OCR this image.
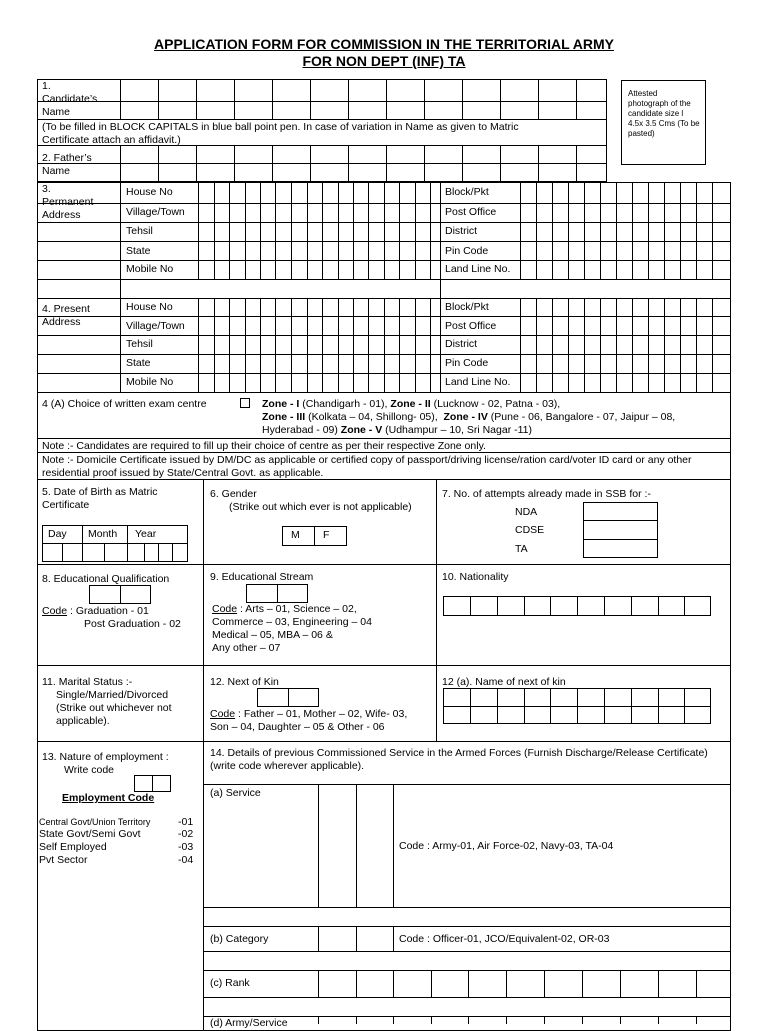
APPLICATION FORM FOR COMMISSION IN THE TERRITORIAL ARMY
FOR NON DEPT (INF) TA
Attested photograph of the candidate size l 4.5x 3.5 Cms (To be pasted)
1.
Candidate’s Name
(To be filled in BLOCK CAPITALS in blue ball point pen. In case of variation in Name as given to Matric Certificate attach an affidavit.)
2. Father’s Name
3.
Permanent Address
4. Present Address
House No	Block/Pkt
House No	Block/Pkt
Village/Town	Post Office
Village/Town	Post Office
Tehsil	District
Tehsil	District
State	Pin Code
State	Pin Code
Mobile No	Land Line No.
Mobile No	Land Line No.
4 (A) Choice of written exam centre	Zone - I (Chandigarh - 01), Zone - II (Lucknow - 02, Patna - 03),
Zone - III (Kolkata – 04, Shillong- 05), Zone - IV (Pune - 06, Bangalore - 07, Jaipur – 08,
Hyderabad - 09) Zone - V (Udhampur – 10, Sri Nagar -11)
Note :- Candidates are required to fill up their choice of centre as per their respective Zone only.
Note :- Domicile Certificate issued by DM/DC as applicable or certified copy of passport/driving license/ration card/voter ID card or any other residential proof issued by State/Central Govt. as applicable.
5. Date of Birth as Matric Certificate
Day Month Year
6. Gender
(Strike out which ever is not applicable)
M F
7. No. of attempts already made in SSB for :-
NDA
CDSE
TA
8. Educational Qualification
Code : Graduation - 01
Post Graduation - 02
9. Educational Stream
Code : Arts – 01, Science – 02,
Commerce – 03, Engineering – 04
Medical – 05, MBA – 06 &
Any other – 07
10. Nationality
11. Marital Status :-
Single/Married/Divorced
(Strike out whichever not
applicable).
12. Next of Kin
Code : Father – 01, Mother – 02, Wife- 03,
Son – 04, Daughter – 05 & Other - 06
12 (a). Name of next of kin
13. Nature of employment :
Write code
Employment Code
Central Govt/Union Territory	-01
State Govt/Semi Govt	-02
Self Employed	-03
Pvt Sector	-04
14. Details of previous Commissioned Service in the Armed Forces (Furnish Discharge/Release Certificate) (write code wherever applicable).
(a) Service
Code : Army-01, Air Force-02, Navy-03, TA-04
(b) Category	Code : Officer-01, JCO/Equivalent-02, OR-03
(c) Rank
(d) Army/Service
